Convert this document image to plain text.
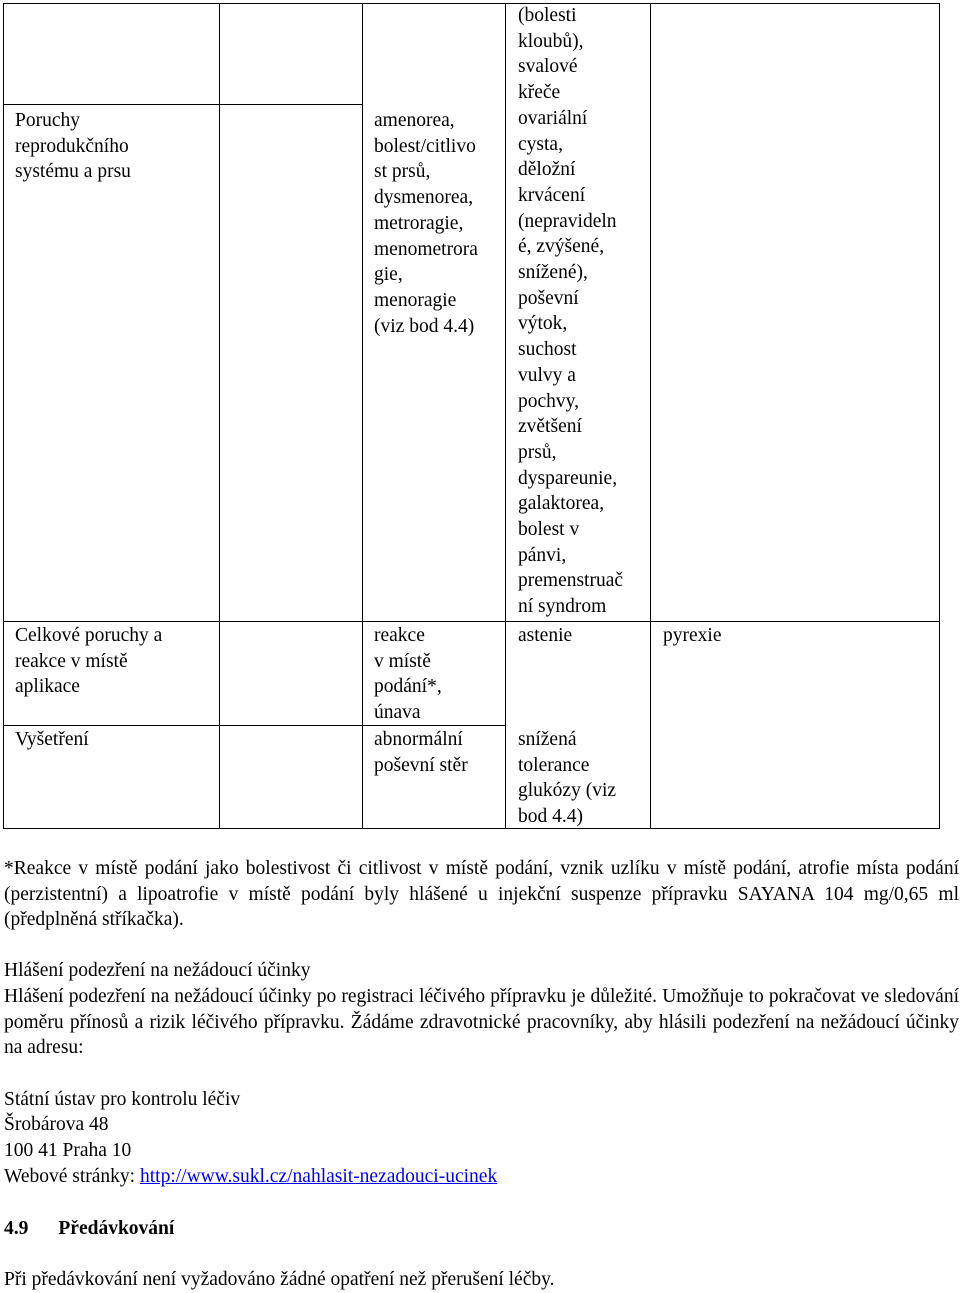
Poruchy
reprodukčního
systému a prsu
amenorea,
bolest/citlivo
st prsů,
dysmenorea,
metroragie,
menometrora
gie,
menoragie
(viz bod 4.4)
(bolesti
kloubů),
svalové
křeče
ovariální
cysta,
děložní
krvácení
(nepravideln
é, zvýšené,
snížené),
poševní
výtok,
suchost
vulvy a
pochvy,
zvětšení
prsů,
dyspareunie,
galaktorea,
bolest v
pánvi,
premenstruač
ní syndrom
Celkové poruchy a
reakce v místě
aplikace
reakce
v místě
podání*,
únava
astenie	pyrexie
Vyšetření	abnormální
poševní stěr
snížená
tolerance
glukózy (viz
bod 4.4)
*Reakce v místě podání jako bolestivost či citlivost v místě podání, vznik uzlíku v místě podání, atrofie místa podání (perzistentní) a lipoatrofie v místě podání byly hlášené u injekční suspenze přípravku SAYANA 104 mg/0,65 ml (předplněná stříkačka).
Hlášení podezření na nežádoucí účinky
Hlášení podezření na nežádoucí účinky po registraci léčivého přípravku je důležité. Umožňuje to pokračovat ve sledování poměru přínosů a rizik léčivého přípravku. Žádáme zdravotnické pracovníky, aby hlásili podezření na nežádoucí účinky na adresu:
Státní ústav pro kontrolu léčiv
Šrobárova 48
100 41 Praha 10
Webové stránky: http://www.sukl.cz/nahlasit-nezadouci-ucinek
4.9 Předávkování
Při předávkování není vyžadováno žádné opatření než přerušení léčby.
